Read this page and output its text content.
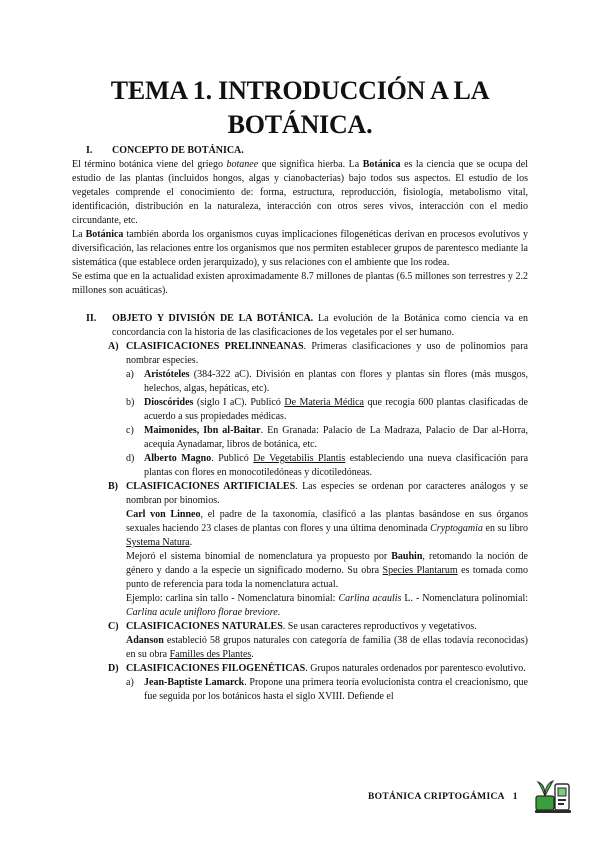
TEMA 1. INTRODUCCIÓN A LA
BOTÁNICA.
I. CONCEPTO DE BOTÁNICA.

El término botánica viene del griego botanee que significa hierba. La Botánica es la ciencia que se ocupa del estudio de las plantas (incluidos hongos, algas y cianobacterias) bajo todos sus aspectos. El estudio de los vegetales comprende el conocimiento de: forma, estructura, reproducción, fisiología, metabolismo vital, identificación, distribución en la naturaleza, interacción con otros seres vivos, interacción con el medio circundante, etc.

La Botánica también aborda los organismos cuyas implicaciones filogenéticas derivan en procesos evolutivos y diversificación, las relaciones entre los organismos que nos permiten establecer grupos de parentesco mediante la sistemática (que establece orden jerarquizado), y sus relaciones con el ambiente que los rodea.

Se estima que en la actualidad existen aproximadamente 8.7 millones de plantas (6.5 millones son terrestres y 2.2 millones son acuáticas).

II. OBJETO Y DIVISIÓN DE LA BOTÁNICA. La evolución de la Botánica como ciencia va en concordancia con la historia de las clasificaciones de los vegetales por el ser humano.
A) CLASIFICACIONES PRELINNEANAS. Primeras clasificaciones y uso de polinomios para nombrar especies.
a) Aristóteles (384-322 aC). División en plantas con flores y plantas sin flores (más musgos, helechos, algas, hepáticas, etc).
b) Dioscórides (siglo I aC). Publicó De Materia Médica que recogía 600 plantas clasificadas de acuerdo a sus propiedades médicas.
c) Maimonides, Ibn al-Baitar. En Granada: Palacio de La Madraza, Palacio de Dar al-Horra, acequia Aynadamar, libros de botánica, etc.
d) Alberto Magno. Publicó De Vegetabilis Plantis estableciendo una nueva clasificación para plantas con flores en monocotiledóneas y dicotiledóneas.
B) CLASIFICACIONES ARTIFICIALES. Las especies se ordenan por caracteres análogos y se nombran por binomios.

Carl von Linneo, el padre de la taxonomía, clasificó a las plantas basándose en sus órganos sexuales haciendo 23 clases de plantas con flores y una última denominada Cryptogamia en su libro Systema Natura.

Mejoró el sistema binomial de nomenclatura ya propuesto por Bauhin, retomando la noción de género y dando a la especie un significado moderno. Su obra Species Plantarum es tomada como punto de referencia para toda la nomenclatura actual.

Ejemplo: carlina sin tallo - Nomenclatura binomial: Carlina acaulis L. - Nomenclatura polinomial: Carlina acule unifloro florae breviore.

C) CLASIFICACIONES NATURALES. Se usan caracteres reproductivos y vegetativos.

Adanson estableció 58 grupos naturales con categoría de familia (38 de ellas todavía reconocidas) en su obra Familles des Plantes.

D) CLASIFICACIONES FILOGENÉTICAS. Grupos naturales ordenados por parentesco evolutivo.
a) Jean-Baptiste Lamarck. Propone una primera teoría evolucionista contra el creacionismo, que fue seguida por los botánicos hasta el siglo XVIII. Defiende el
BOTÁNICA CRIPTOGÁMICA 1
